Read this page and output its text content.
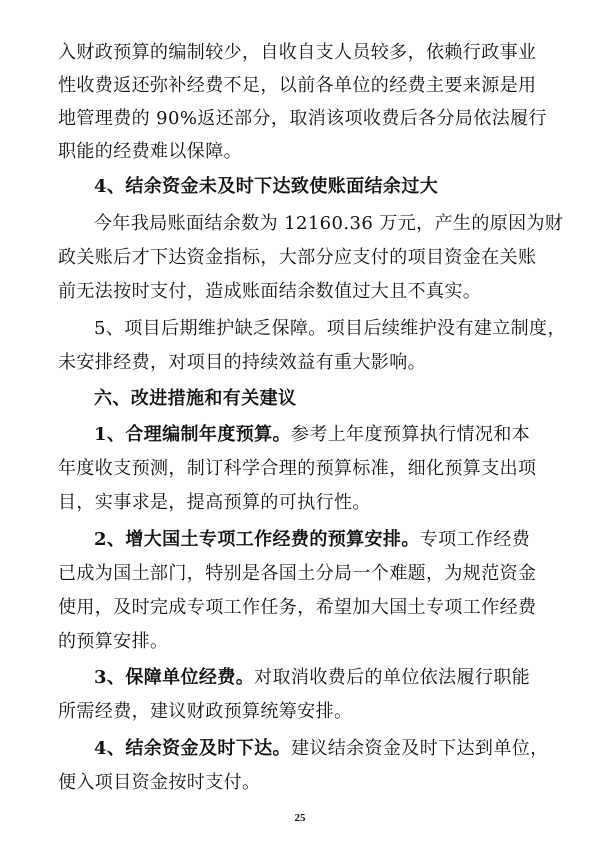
入财政预算的编制较少，自收自支人员较多，依赖行政事业
性收费返还弥补经费不足，以前各单位的经费主要来源是用
地管理费的 90%返还部分，取消该项收费后各分局依法履行
职能的经费难以保障。
4、结余资金未及时下达致使账面结余过大
今年我局账面结余数为 12160.36 万元，产生的原因为财
政关账后才下达资金指标，大部分应支付的项目资金在关账
前无法按时支付，造成账面结余数值过大且不真实。
5、项目后期维护缺乏保障。项目后续维护没有建立制度，
未安排经费，对项目的持续效益有重大影响。
六、改进措施和有关建议
1、合理编制年度预算。参考上年度预算执行情况和本
年度收支预测，制订科学合理的预算标准，细化预算支出项
目，实事求是，提高预算的可执行性。
2、增大国土专项工作经费的预算安排。专项工作经费
已成为国土部门，特别是各国土分局一个难题，为规范资金
使用，及时完成专项工作任务，希望加大国土专项工作经费
的预算安排。
3、保障单位经费。对取消收费后的单位依法履行职能
所需经费，建议财政预算统筹安排。
4、结余资金及时下达。建议结余资金及时下达到单位，
便入项目资金按时支付。
25
